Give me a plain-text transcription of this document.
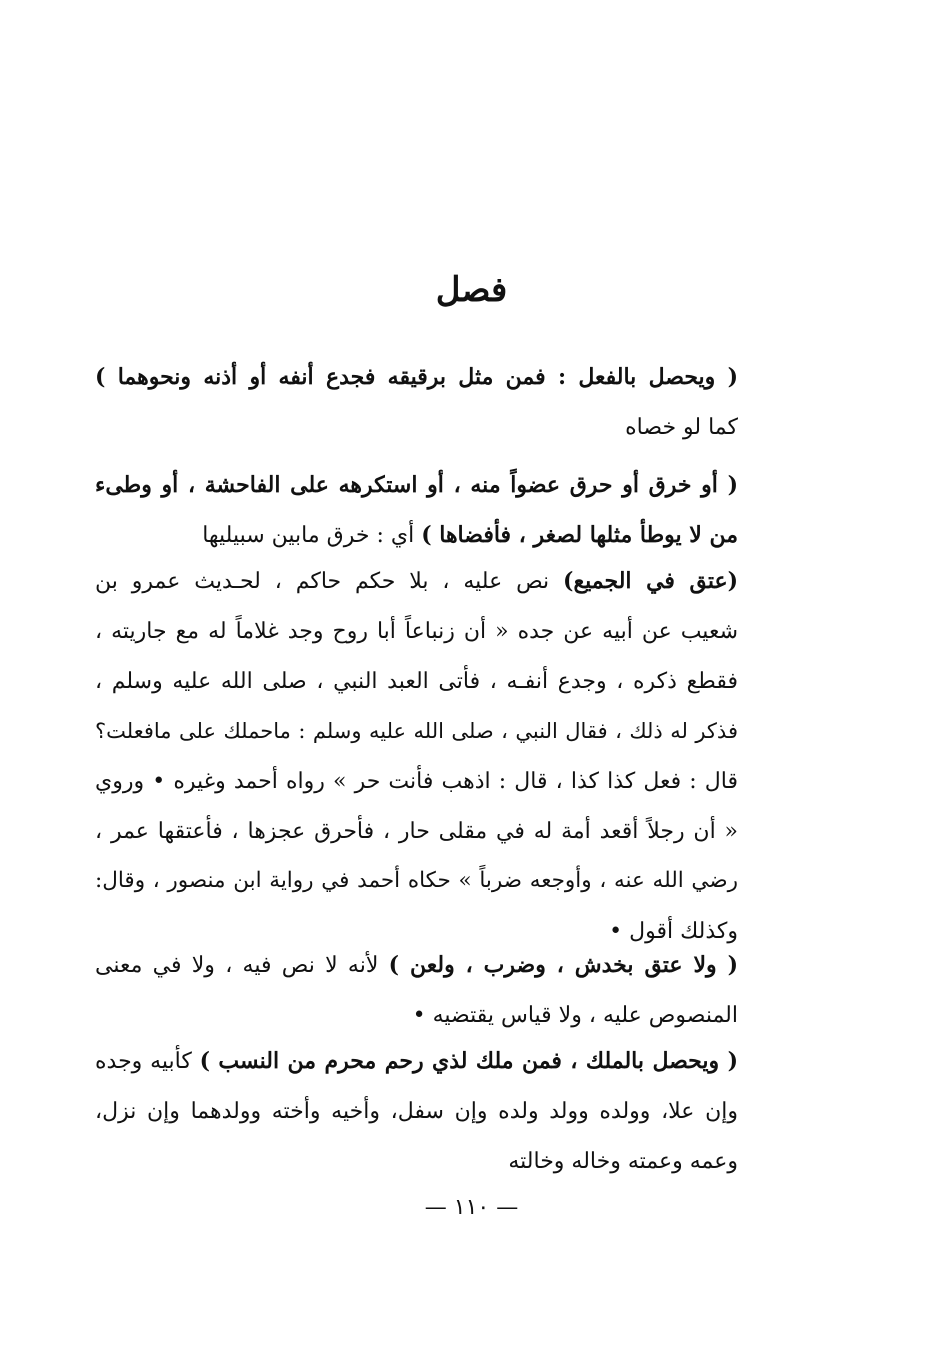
فصل
( ويحصل بالفعل : فمن مثل برقيقه فجدع أنفه أو أذنه ونحوهما )
كما لو خصاه
( أو خرق أو حرق عضواً منه ، أو استكرهه على الفاحشة ، أو وطىء
من لا يوطأ مثلها لصغر ، فأفضاها ) أي : خرق مابين سبيليها
(عتق في الجميع) نص عليه ، بلا حكم حاكم ، لحـديث عمرو بن
شعيب عن أبيه عن جده « أن زنباعاً أبا روح وجد غلاماً له مع جاريته ،
فقطع ذكره ، وجدع أنفـه ، فأتى العبد النبي ، صلى الله عليه وسلم ،
فذكر له ذلك ، فقال النبي ، صلى الله عليه وسلم : ماحملك على مافعلت؟
قال : فعل كذا كذا ، قال : اذهب فأنت حر » رواه أحمد وغيره • وروي
« أن رجلاً أقعد أمة له في مقلى حار ، فأحرق عجزها ، فأعتقها عمر ،
رضي الله عنه ، وأوجعه ضرباً » حكاه أحمد في رواية ابن منصور ، وقال:
وكذلك أقول •
( ولا عتق بخدش ، وضرب ، ولعن ) لأنه لا نص فيه ، ولا في معنى
المنصوص عليه ، ولا قياس يقتضيه •
( ويحصل بالملك ، فمن ملك لذي رحم محرم من النسب ) كأبيه وجده
وإن علا، وولده وولد ولده وإن سفل، وأخيه وأخته وولدهما وإن نزل،
وعمه وعمته وخاله وخالته
— ١١٠ —
